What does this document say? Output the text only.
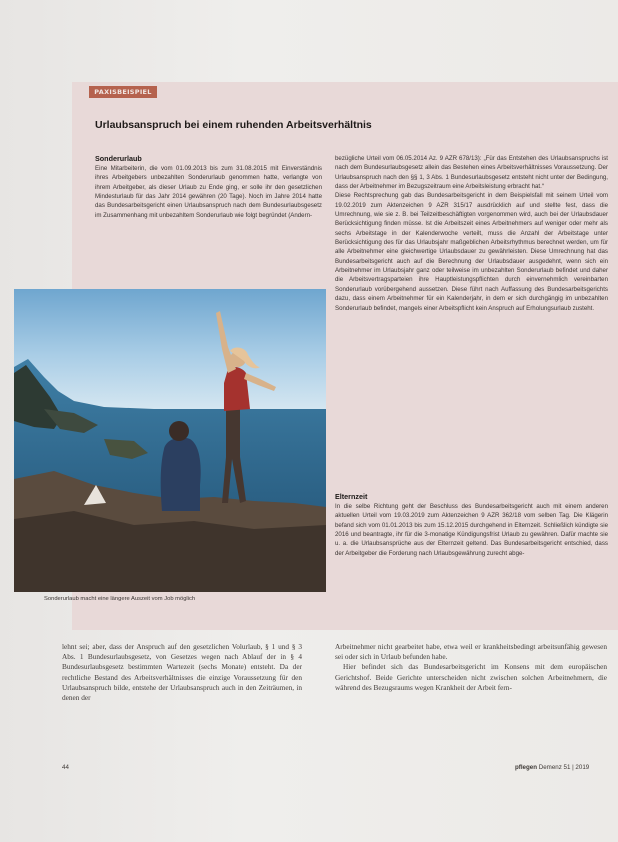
PAXISBEISPIEL
Urlaubsanspruch bei einem ruhenden Arbeitsverhältnis
Sonderurlaub

Eine Mitarbeiterin, die vom 01.09.2013 bis zum 31.08.2015 mit Einverständnis ihres Arbeitgebers unbezahlten Sonderurlaub genommen hatte, verlangte von ihrem Arbeitgeber, als dieser Urlaub zu Ende ging, er solle ihr den gesetzlichen Mindesturlaub für das Jahr 2014 gewähren (20 Tage). Noch im Jahre 2014 hatte das Bundesarbeitsgericht einen Urlaubsanspruch nach dem Bundesurlaubsgesetz im Zusammenhang mit unbezahltem Sonderurlaub wie folgt begründet (Andern-

bezügliche Urteil vom 06.05.2014 Az. 9 AZR 678/13): „Für das Entstehen des Urlaubsanspruchs ist nach dem Bundesurlaubsgesetz allein das Bestehen eines Arbeitsverhältnisses Voraussetzung. Der Urlaubsanspruch nach den §§ 1, 3 Abs. 1 Bundesurlaubsgesetz entsteht nicht unter der Bedingung, dass der Arbeitnehmer im Bezugszeitraum eine Arbeitsleistung erbracht hat.“

Diese Rechtsprechung gab das Bundesarbeitsgericht in dem Beispielsfall mit seinem Urteil vom 19.02.2019 zum Aktenzeichen 9 AZR 315/17 ausdrücklich auf und stellte fest, dass die Umrechnung, wie sie z. B. bei Teilzeitbeschäftigten vorgenommen wird, auch bei der Urlaubsdauer Berücksichtigung finden müsse. Ist die Arbeitszeit eines Arbeitnehmers auf weniger oder mehr als sechs Arbeitstage in der Kalenderwoche verteilt, muss die Anzahl der Arbeitstage unter Berücksichtigung des für das Urlaubsjahr maßgeblichen Arbeitsrhythmus berechnet werden, um für alle Arbeitnehmer eine gleichwertige Urlaubsdauer zu gewährleisten. Diese Umrechnung hat das Bundesarbeitsgericht auch auf die Berechnung der Urlaubsdauer ausgedehnt, wenn sich ein Arbeitnehmer im Urlaubsjahr ganz oder teilweise im unbezahlten Sonderurlaub befindet und daher die Arbeitsvertragsparteien ihre Hauptleistungspflichten durch einvernehmlich vereinbarten Sonderurlaub vorübergehend aussetzen. Diese führt nach Auffassung des Bundesarbeitsgerichts dazu, dass einem Arbeitnehmer für ein Kalenderjahr, in dem er sich durchgängig im unbezahlten Sonderurlaub befindet, mangels einer Arbeitspflicht kein Anspruch auf Erholungsurlaub zusteht.

Elternzeit

In die selbe Richtung geht der Beschluss des Bundesarbeitsgericht auch mit einem anderen aktuellen Urteil vom 19.03.2019 zum Aktenzeichen 9 AZR 362/18 vom selben Tag. Die Klägerin befand sich vom 01.01.2013 bis zum 15.12.2015 durchgehend in Elternzeit. Schließlich kündigte sie 2016 und beantragte, ihr für die 3-monatige Kündigungsfrist Urlaub zu gewähren. Dafür machte sie u. a. die Urlaubsansprüche aus der Elternzeit geltend. Das Bundesarbeitsgericht entschied, dass der Arbeitgeber die Forderung nach Urlaubsgewährung zurecht abge-

Sonderurlaub macht eine längere Auszeit vom Job möglich

lehnt sei; aber, dass der Anspruch auf den gesetzlichen Volurlaub, § 1 und § 3 Abs. 1 Bundesurlaubsgesetz, von Gesetzes wegen nach Ablauf der in § 4 Bundesurlaubsgesetz bestimmten Wartezeit (sechs Monate) entsteht. Da der rechtliche Bestand des Arbeitsverhältnisses die einzige Voraussetzung für den Urlaubsanspruch bilde, entstehe der Urlaubsanspruch auch in den Zeiträumen, in denen der

Arbeitnehmer nicht gearbeitet habe, etwa weil er krankheitsbedingt arbeitsunfähig gewesen sei oder sich in Urlaub befunden habe.

Hier befindet sich das Bundesarbeitsgericht im Konsens mit dem europäischen Gerichtshof. Beide Gerichte unterscheiden nicht zwischen solchen Arbeitnehmern, die während des Bezugsraums wegen Krankheit der Arbeit fern-

44	pflegen Demenz 51 | 2019
